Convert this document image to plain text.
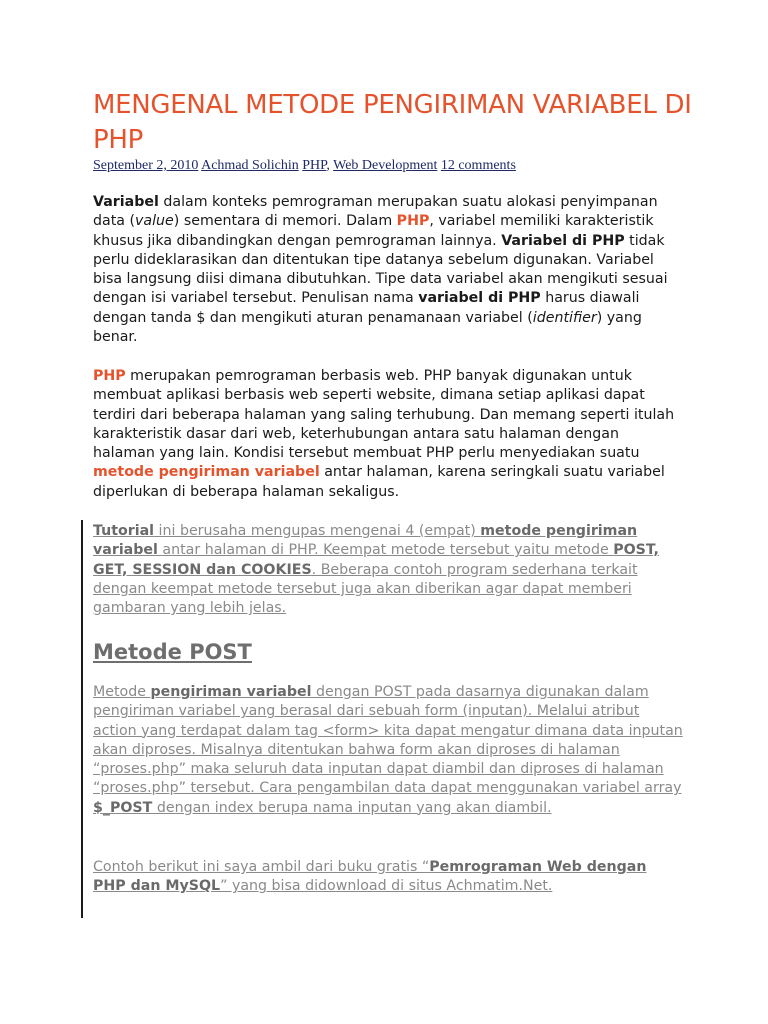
MENGENAL METODE PENGIRIMAN VARIABEL DI PHP
September 2, 2010 Achmad Solichin PHP, Web Development 12 comments
Variabel dalam konteks pemrograman merupakan suatu alokasi penyimpanan data (value) sementara di memori. Dalam PHP, variabel memiliki karakteristik khusus jika dibandingkan dengan pemrograman lainnya. Variabel di PHP tidak perlu dideklarasikan dan ditentukan tipe datanya sebelum digunakan. Variabel bisa langsung diisi dimana dibutuhkan. Tipe data variabel akan mengikuti sesuai dengan isi variabel tersebut. Penulisan nama variabel di PHP harus diawali dengan tanda $ dan mengikuti aturan penamanaan variabel (identifier) yang benar.
PHP merupakan pemrograman berbasis web. PHP banyak digunakan untuk membuat aplikasi berbasis web seperti website, dimana setiap aplikasi dapat terdiri dari beberapa halaman yang saling terhubung. Dan memang seperti itulah karakteristik dasar dari web, keterhubungan antara satu halaman dengan halaman yang lain. Kondisi tersebut membuat PHP perlu menyediakan suatu metode pengiriman variabel antar halaman, karena seringkali suatu variabel diperlukan di beberapa halaman sekaligus.
Tutorial ini berusaha mengupas mengenai 4 (empat) metode pengiriman variabel antar halaman di PHP. Keempat metode tersebut yaitu metode POST, GET, SESSION dan COOKIES. Beberapa contoh program sederhana terkait dengan keempat metode tersebut juga akan diberikan agar dapat memberi gambaran yang lebih jelas.
Metode POST
Metode pengiriman variabel dengan POST pada dasarnya digunakan dalam pengiriman variabel yang berasal dari sebuah form (inputan). Melalui atribut action yang terdapat dalam tag <form> kita dapat mengatur dimana data inputan akan diproses. Misalnya ditentukan bahwa form akan diproses di halaman “proses.php” maka seluruh data inputan dapat diambil dan diproses di halaman “proses.php” tersebut. Cara pengambilan data dapat menggunakan variabel array $_POST dengan index berupa nama inputan yang akan diambil.
Contoh berikut ini saya ambil dari buku gratis “Pemrograman Web dengan PHP dan MySQL” yang bisa didownload di situs Achmatim.Net.
